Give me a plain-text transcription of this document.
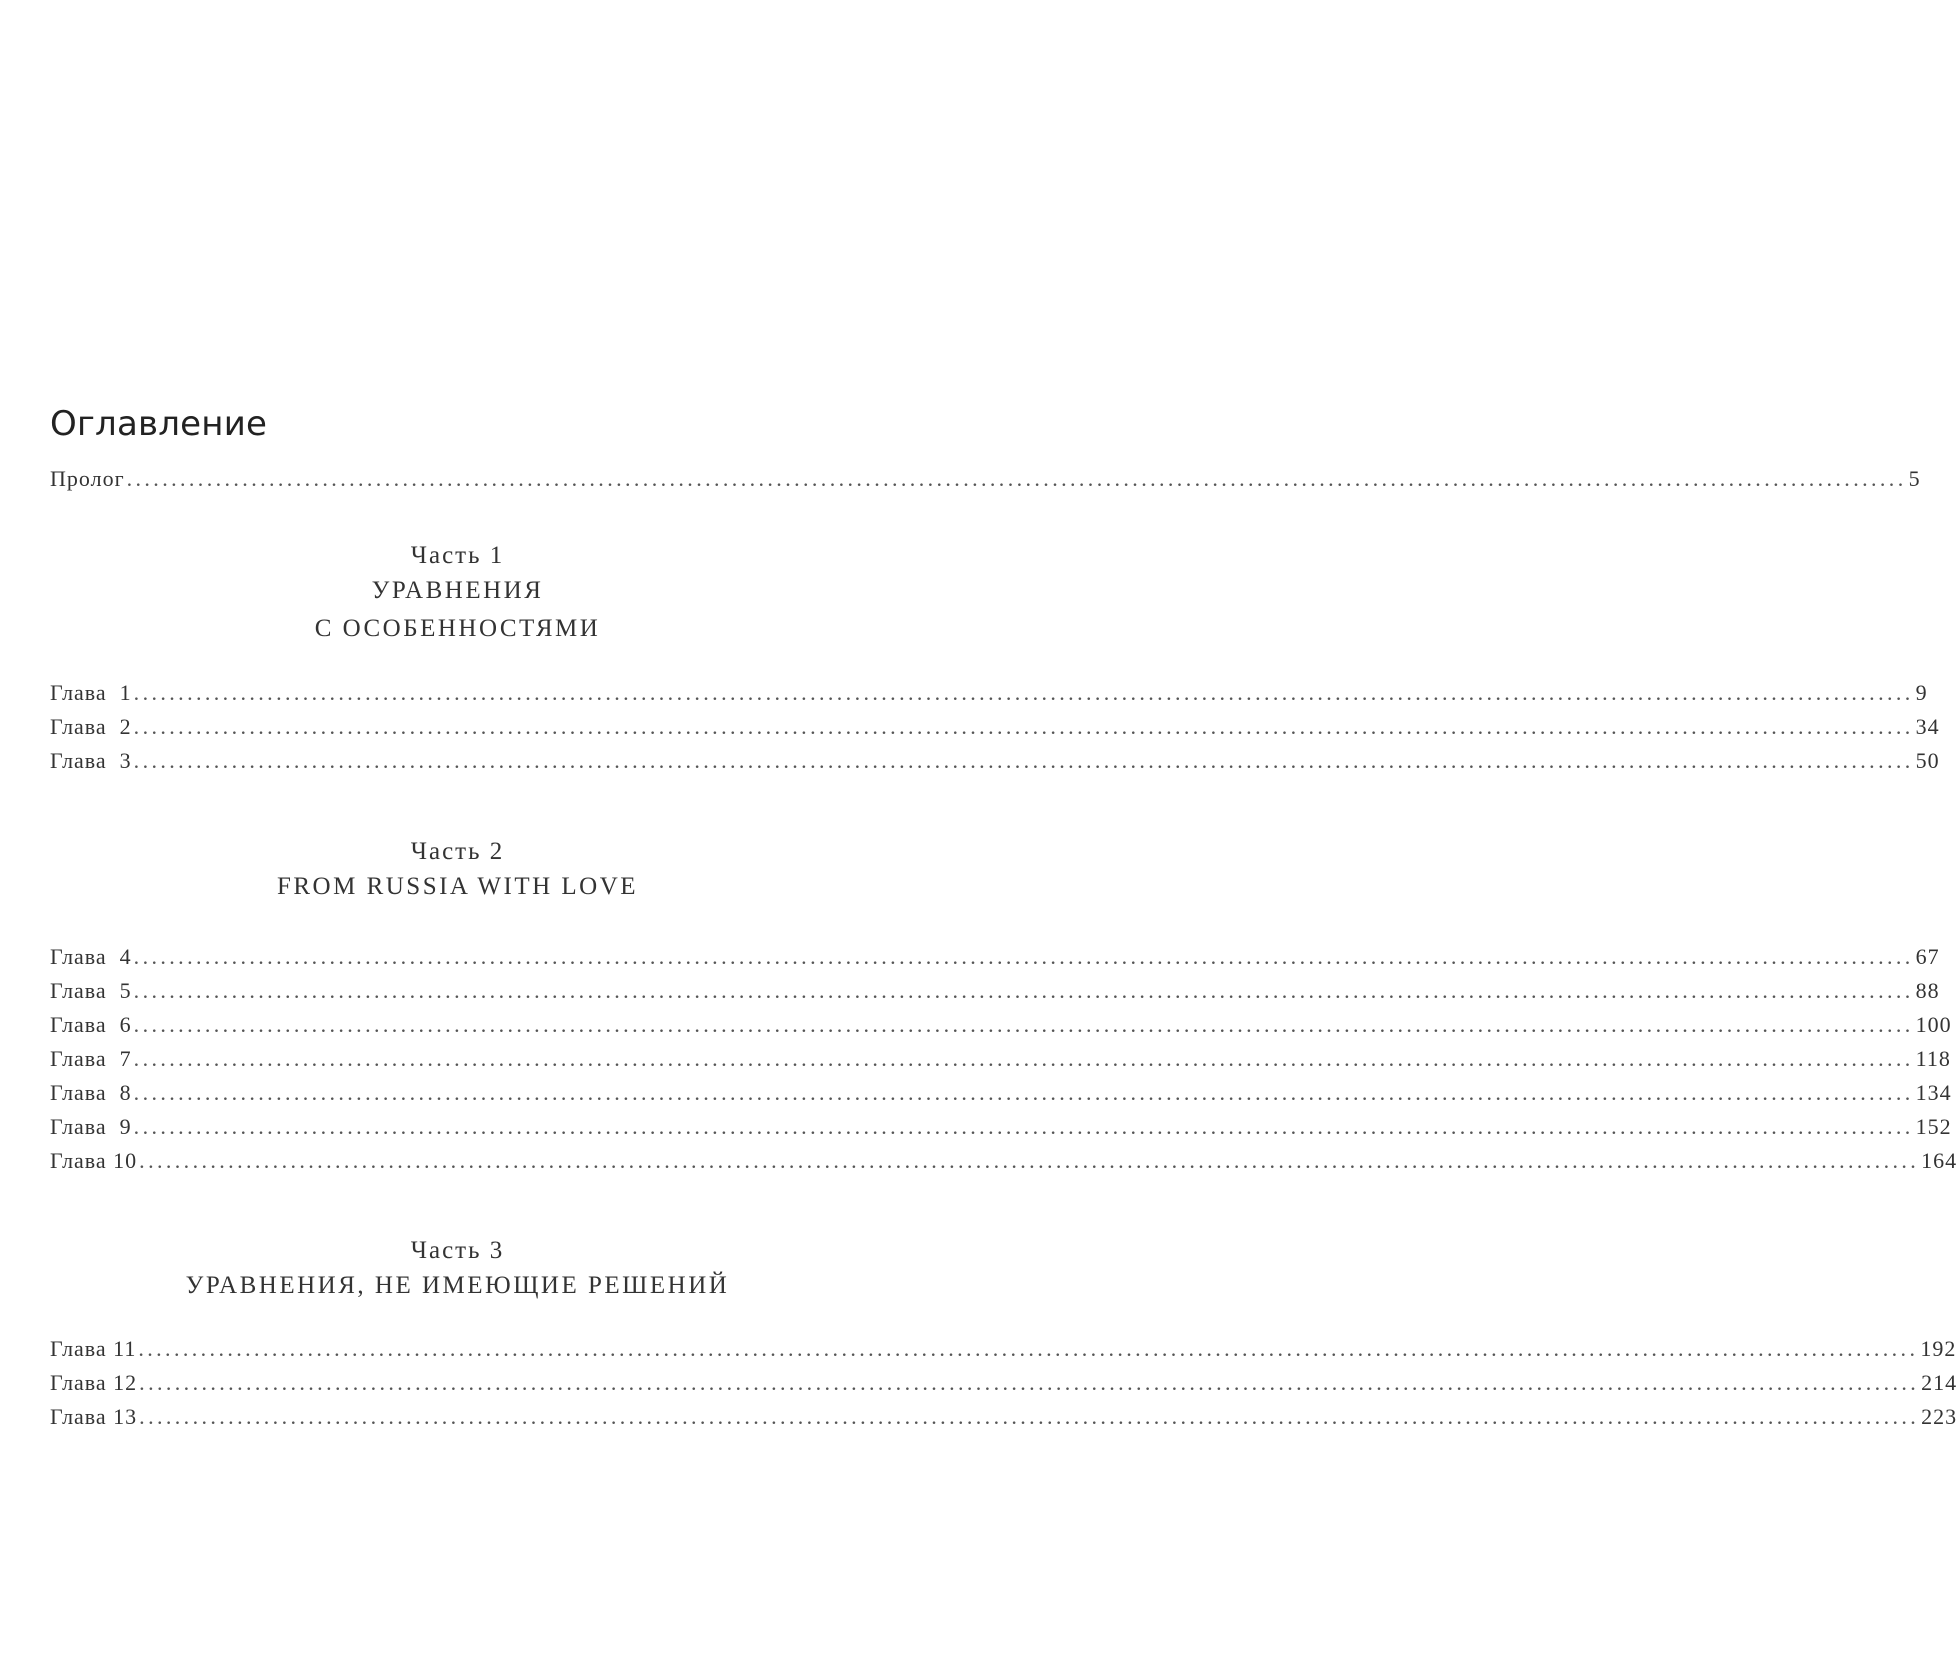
Оглавление
Пролог ........................................................................................................................................................................................................ 5
Часть 1
УРАВНЕНИЯ
С ОСОБЕННОСТЯМИ
Глава  1 ........................................................................................................................................................................................................ 9
Глава  2 ........................................................................................................................................................................................................ 34
Глава  3 ........................................................................................................................................................................................................ 50
Часть 2
FROM RUSSIA WITH LOVE
Глава  4 ........................................................................................................................................................................................................ 67
Глава  5 ........................................................................................................................................................................................................ 88
Глава  6 ........................................................................................................................................................................................................ 100
Глава  7 ........................................................................................................................................................................................................ 118
Глава  8 ........................................................................................................................................................................................................ 134
Глава  9 ........................................................................................................................................................................................................ 152
Глава 10 ........................................................................................................................................................................................................ 164
Часть 3
УРАВНЕНИЯ, НЕ ИМЕЮЩИЕ РЕШЕНИЙ
Глава 11 ........................................................................................................................................................................................................ 192
Глава 12 ........................................................................................................................................................................................................ 214
Глава 13 ........................................................................................................................................................................................................ 223
